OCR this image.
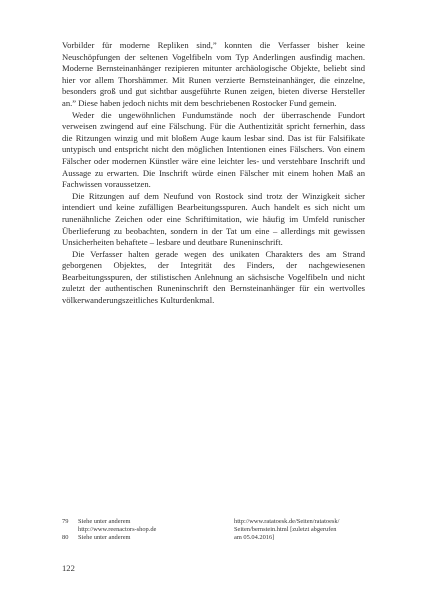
Vorbilder für moderne Repliken sind,” konnten die Verfasser bisher keine Neuschöpfungen der seltenen Vogelfibeln vom Typ Anderlingen ausfindig machen. Moderne Bernsteinanhänger rezipieren mitunter archäologische Objekte, beliebt sind hier vor allem Thorshämmer. Mit Runen verzierte Bernsteinanhänger, die einzelne, besonders groß und gut sichtbar ausgeführte Runen zeigen, bieten diverse Hersteller an.” Diese haben jedoch nichts mit dem beschriebenen Rostocker Fund gemein.

Weder die ungewöhnlichen Fundumstände noch der überraschende Fundort verweisen zwingend auf eine Fälschung. Für die Authentizität spricht fernerhin, dass die Ritzungen winzig und mit bloßem Auge kaum lesbar sind. Das ist für Falsifikate untypisch und entspricht nicht den möglichen Intentionen eines Fälschers. Von einem Fälscher oder modernen Künstler wäre eine leichter les- und verstehbare Inschrift und Aussage zu erwarten. Die Inschrift würde einen Fälscher mit einem hohen Maß an Fachwissen voraussetzen.

Die Ritzungen auf dem Neufund von Rostock sind trotz der Winzigkeit sicher intendiert und keine zufälligen Bearbeitungsspuren. Auch handelt es sich nicht um runenähnliche Zeichen oder eine Schriftimitation, wie häufig im Umfeld runischer Überlieferung zu beobachten, sondern in der Tat um eine – allerdings mit gewissen Unsicherheiten behaftete – lesbare und deutbare Runeninschrift.

Die Verfasser halten gerade wegen des unikaten Charakters des am Strand geborgenen Objektes, der Integrität des Finders, der nachgewiesenen Bearbeitungsspuren, der stilistischen Anlehnung an sächsische Vogelfibeln und nicht zuletzt der authentischen Runeninschrift den Bernsteinanhänger für ein wertvolles völkerwanderungszeitliches Kulturdenkmal.

79	Siehe unter anderem	http://www.ratatoesk.de/Seiten/ratatoesk/
http://www.reenactors-shop.de	Seiten/bernstein.html [zuletzt abgerufen
80	Siehe unter anderem	am 05.04.2016]
122
